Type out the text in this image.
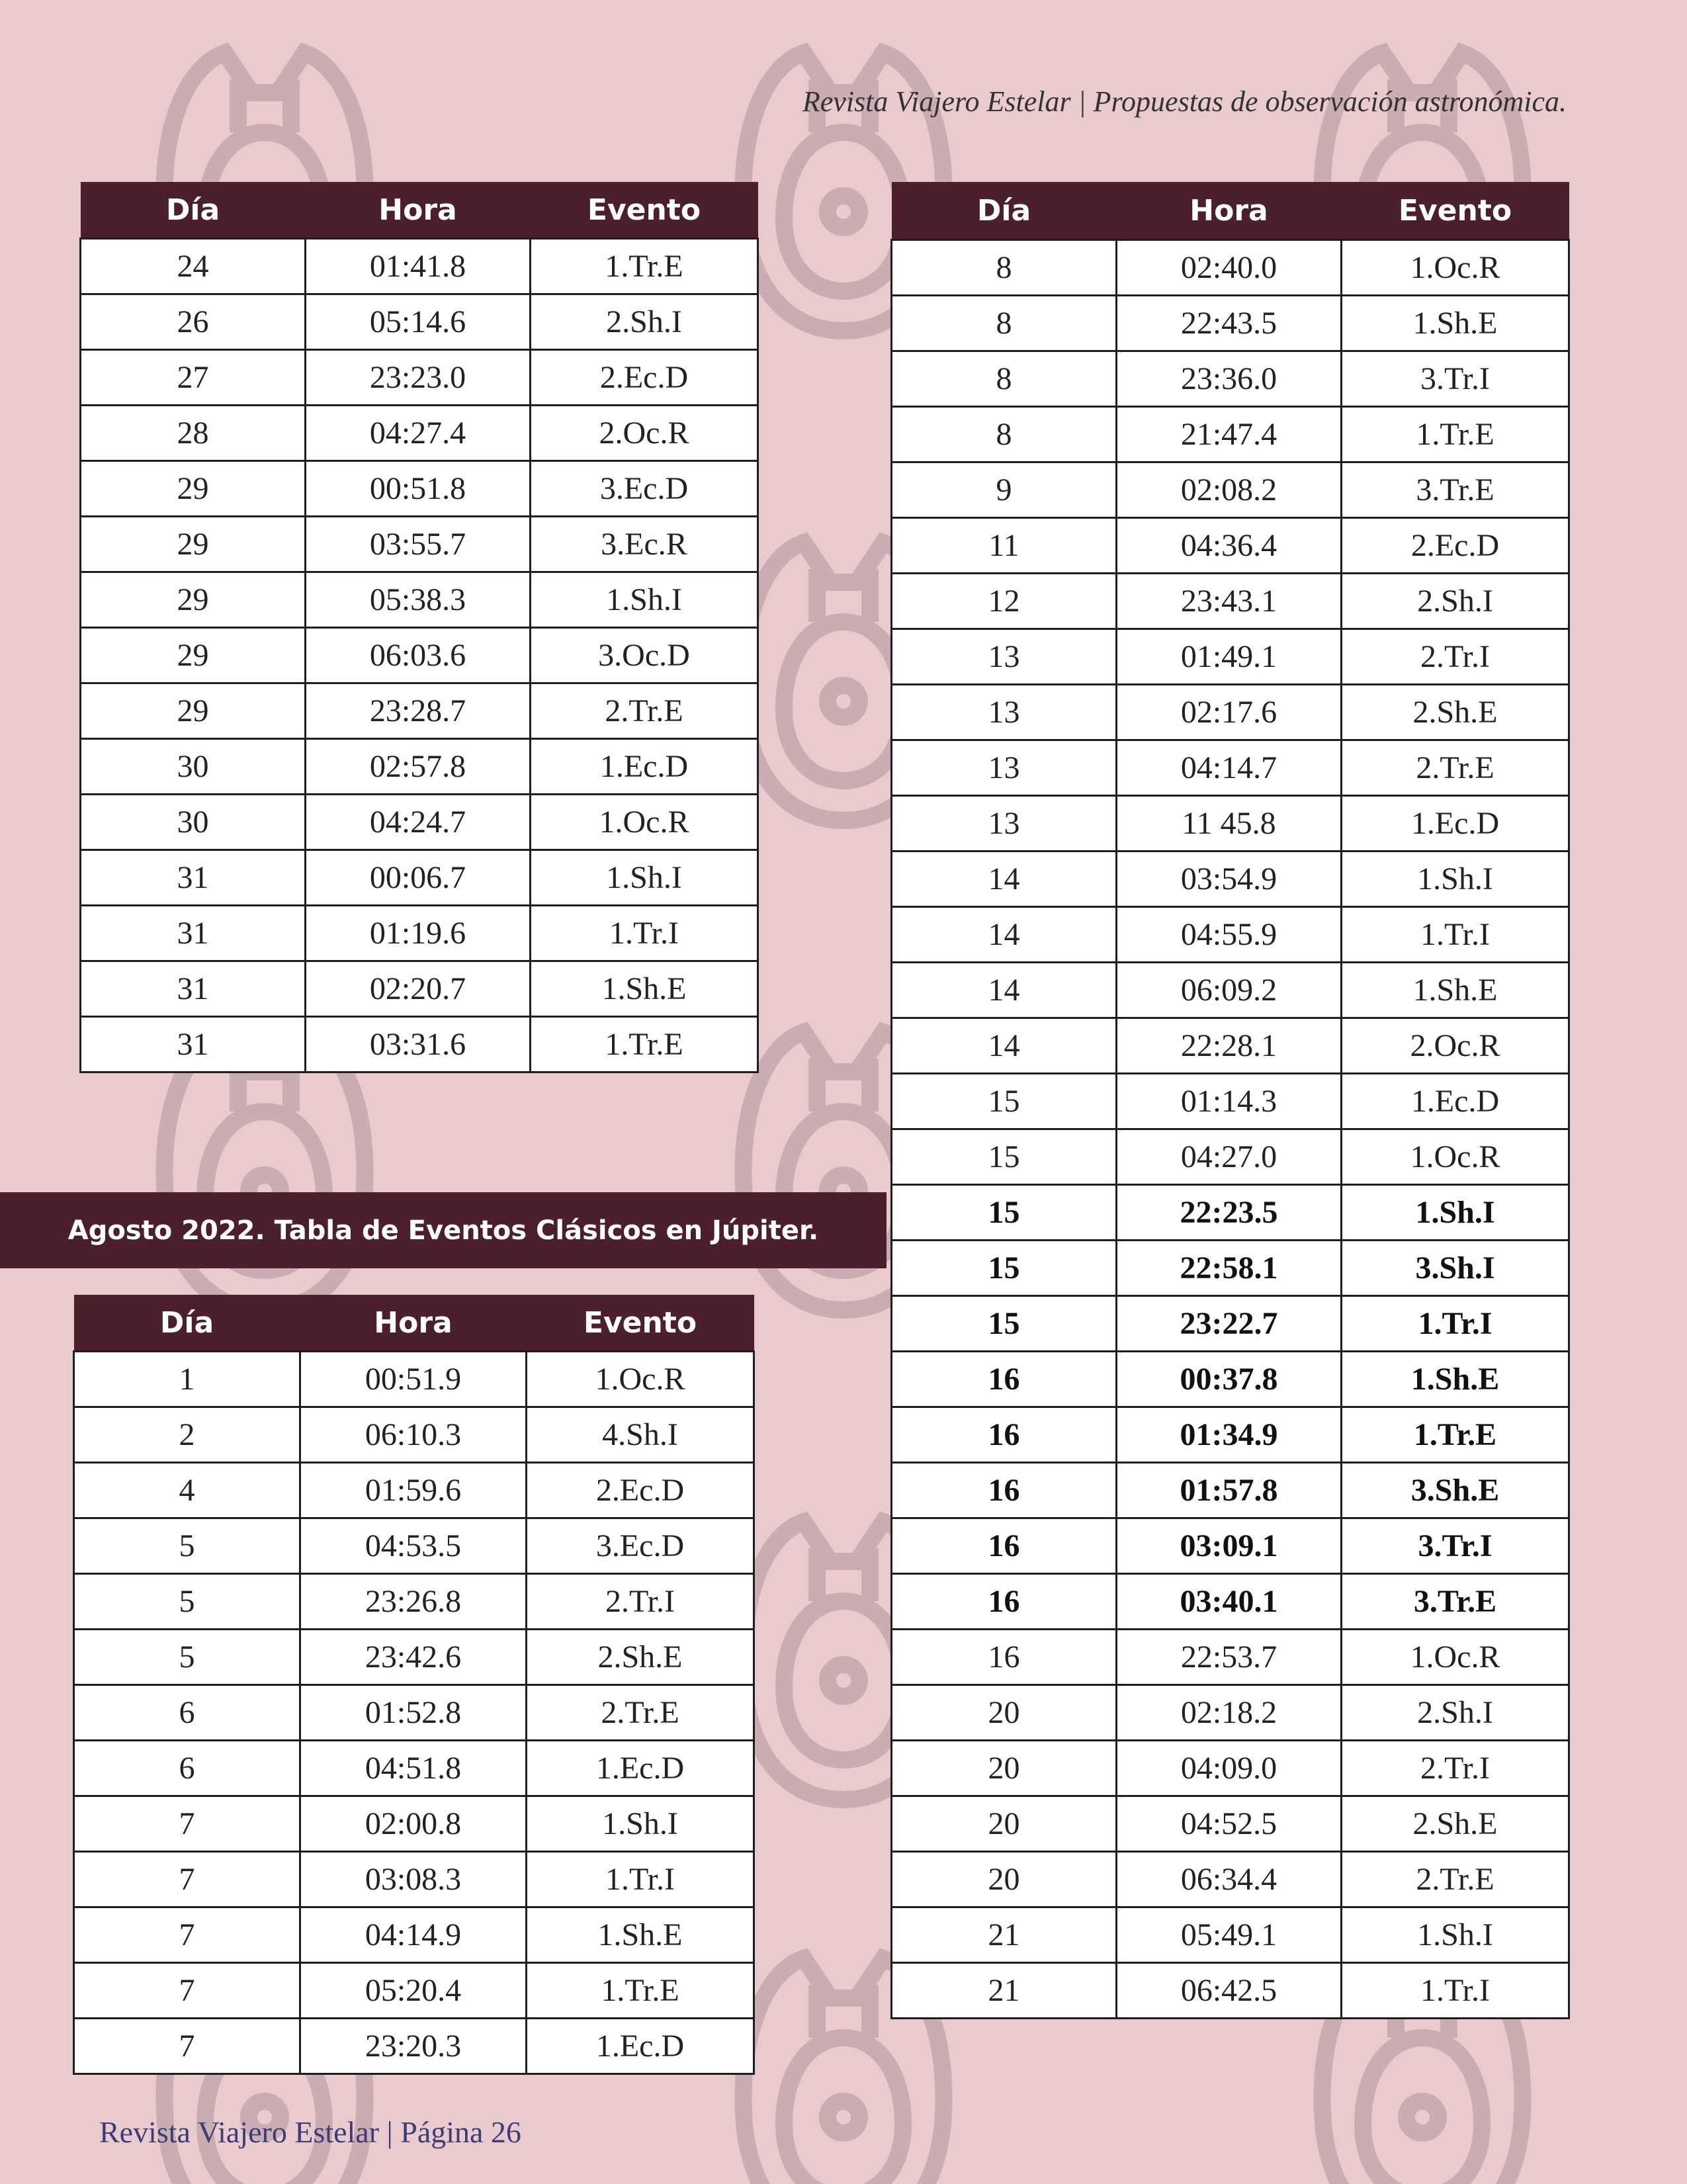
Revista Viajero Estelar | Propuestas de observación astronómica.
Día	Hora	Evento
24	01:41.8	1.Tr.E
26	05:14.6	2.Sh.I
27	23:23.0	2.Ec.D
28	04:27.4	2.Oc.R
29	00:51.8	3.Ec.D
29	03:55.7	3.Ec.R
29	05:38.3	1.Sh.I
29	06:03.6	3.Oc.D
29	23:28.7	2.Tr.E
30	02:57.8	1.Ec.D
30	04:24.7	1.Oc.R
31	00:06.7	1.Sh.I
31	01:19.6	1.Tr.I
31	02:20.7	1.Sh.E
31	03:31.6	1.Tr.E
Agosto 2022. Tabla de Eventos Clásicos en Júpiter.
Día	Hora	Evento
1	00:51.9	1.Oc.R
2	06:10.3	4.Sh.I
4	01:59.6	2.Ec.D
5	04:53.5	3.Ec.D
5	23:26.8	2.Tr.I
5	23:42.6	2.Sh.E
6	01:52.8	2.Tr.E
6	04:51.8	1.Ec.D
7	02:00.8	1.Sh.I
7	03:08.3	1.Tr.I
7	04:14.9	1.Sh.E
7	05:20.4	1.Tr.E
7	23:20.3	1.Ec.D
Día	Hora	Evento
8	02:40.0	1.Oc.R
8	22:43.5	1.Sh.E
8	23:36.0	3.Tr.I
8	21:47.4	1.Tr.E
9	02:08.2	3.Tr.E
11	04:36.4	2.Ec.D
12	23:43.1	2.Sh.I
13	01:49.1	2.Tr.I
13	02:17.6	2.Sh.E
13	04:14.7	2.Tr.E
13	11 45.8	1.Ec.D
14	03:54.9	1.Sh.I
14	04:55.9	1.Tr.I
14	06:09.2	1.Sh.E
14	22:28.1	2.Oc.R
15	01:14.3	1.Ec.D
15	04:27.0	1.Oc.R
15	22:23.5	1.Sh.I
15	22:58.1	3.Sh.I
15	23:22.7	1.Tr.I
16	00:37.8	1.Sh.E
16	01:34.9	1.Tr.E
16	01:57.8	3.Sh.E
16	03:09.1	3.Tr.I
16	03:40.1	3.Tr.E
16	22:53.7	1.Oc.R
20	02:18.2	2.Sh.I
20	04:09.0	2.Tr.I
20	04:52.5	2.Sh.E
20	06:34.4	2.Tr.E
21	05:49.1	1.Sh.I
21	06:42.5	1.Tr.I
Revista Viajero Estelar | Página 26
